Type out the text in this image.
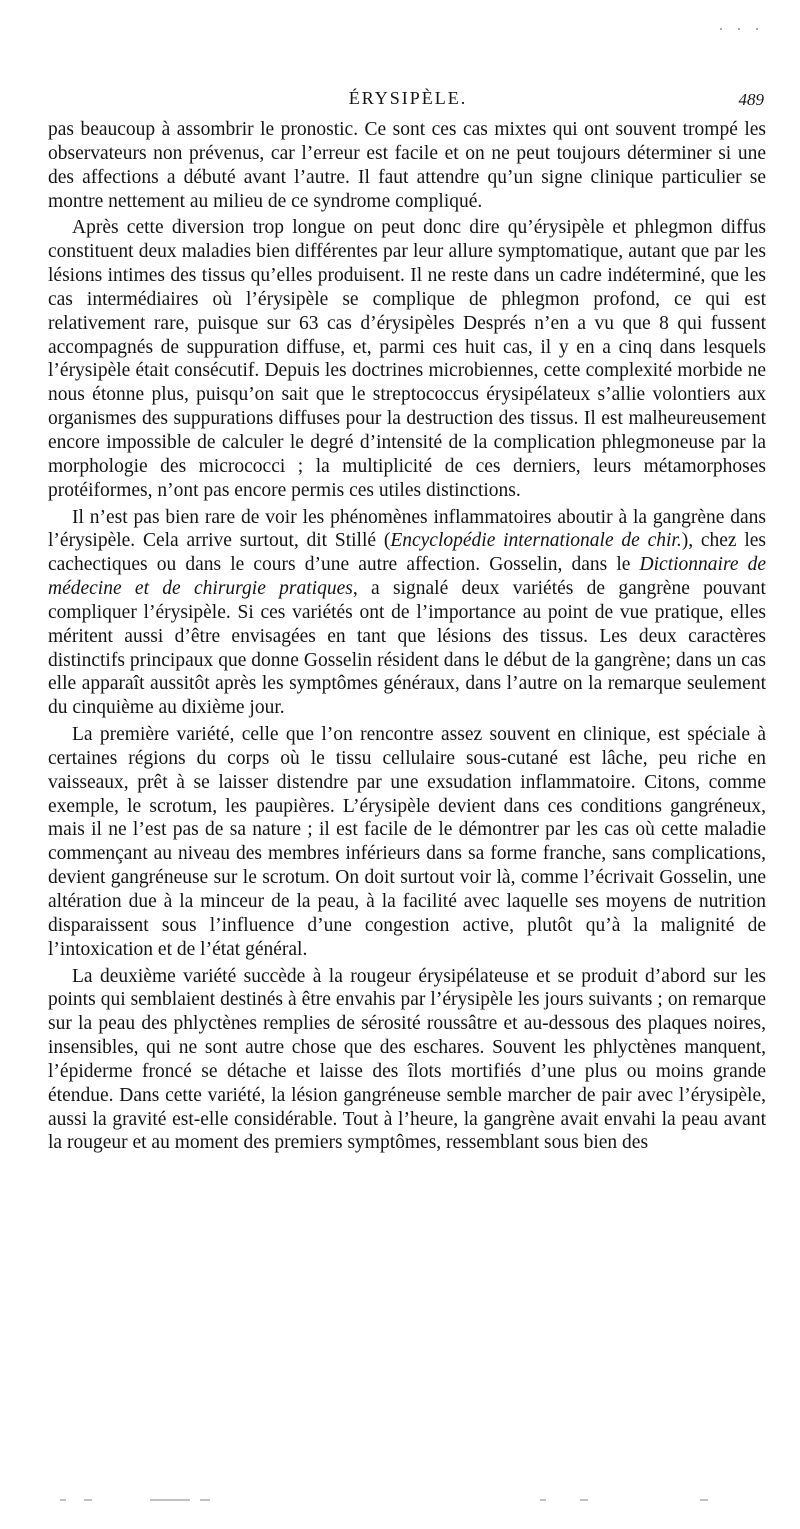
ÉRYSIPÈLE.	489

pas beaucoup à assombrir le pronostic. Ce sont ces cas mixtes qui ont souvent trompé les observateurs non prévenus, car l’erreur est facile et on ne peut toujours déterminer si une des affections a débuté avant l’autre. Il faut attendre qu’un signe clinique particulier se montre nettement au milieu de ce syndrome compliqué.

Après cette diversion trop longue on peut donc dire qu’érysipèle et phlegmon diffus constituent deux maladies bien différentes par leur allure symptomatique, autant que par les lésions intimes des tissus qu’elles produisent. Il ne reste dans un cadre indéterminé, que les cas intermédiaires où l’érysipèle se complique de phlegmon profond, ce qui est relativement rare, puisque sur 63 cas d’érysipèles Després n’en a vu que 8 qui fussent accompagnés de suppuration diffuse, et, parmi ces huit cas, il y en a cinq dans lesquels l’érysipèle était consécutif. Depuis les doctrines microbiennes, cette complexité morbide ne nous étonne plus, puisqu’on sait que le streptococcus érysipélateux s’allie volontiers aux organismes des suppurations diffuses pour la destruction des tissus. Il est malheureusement encore impossible de calculer le degré d’intensité de la complication phlegmoneuse par la morphologie des micrococci ; la multiplicité de ces derniers, leurs métamorphoses protéiformes, n’ont pas encore permis ces utiles distinctions.

Il n’est pas bien rare de voir les phénomènes inflammatoires aboutir à la gangrène dans l’érysipèle. Cela arrive surtout, dit Stillé (Encyclopédie internationale de chir.), chez les cachectiques ou dans le cours d’une autre affection. Gosselin, dans le Dictionnaire de médecine et de chirurgie pratiques, a signalé deux variétés de gangrène pouvant compliquer l’érysipèle. Si ces variétés ont de l’importance au point de vue pratique, elles méritent aussi d’être envisagées en tant que lésions des tissus. Les deux caractères distinctifs principaux que donne Gosselin résident dans le début de la gangrène; dans un cas elle apparaît aussitôt après les symptômes généraux, dans l’autre on la remarque seulement du cinquième au dixième jour.

La première variété, celle que l’on rencontre assez souvent en clinique, est spéciale à certaines régions du corps où le tissu cellulaire sous-cutané est lâche, peu riche en vaisseaux, prêt à se laisser distendre par une exsudation inflammatoire. Citons, comme exemple, le scrotum, les paupières. L’érysipèle devient dans ces conditions gangréneux, mais il ne l’est pas de sa nature ; il est facile de le démontrer par les cas où cette maladie commençant au niveau des membres inférieurs dans sa forme franche, sans complications, devient gangréneuse sur le scrotum. On doit surtout voir là, comme l’écrivait Gosselin, une altération due à la minceur de la peau, à la facilité avec laquelle ses moyens de nutrition disparaissent sous l’influence d’une congestion active, plutôt qu’à la malignité de l’intoxication et de l’état général.

La deuxième variété succède à la rougeur érysipélateuse et se produit d’abord sur les points qui semblaient destinés à être envahis par l’érysipèle les jours suivants ; on remarque sur la peau des phlyctènes remplies de sérosité roussâtre et au-dessous des plaques noires, insensibles, qui ne sont autre chose que des eschares. Souvent les phlyctènes manquent, l’épiderme froncé se détache et laisse des îlots mortifiés d’une plus ou moins grande étendue. Dans cette variété, la lésion gangréneuse semble marcher de pair avec l’érysipèle, aussi la gravité est-elle considérable. Tout à l’heure, la gangrène avait envahi la peau avant la rougeur et au moment des premiers symptômes, ressemblant sous bien des
